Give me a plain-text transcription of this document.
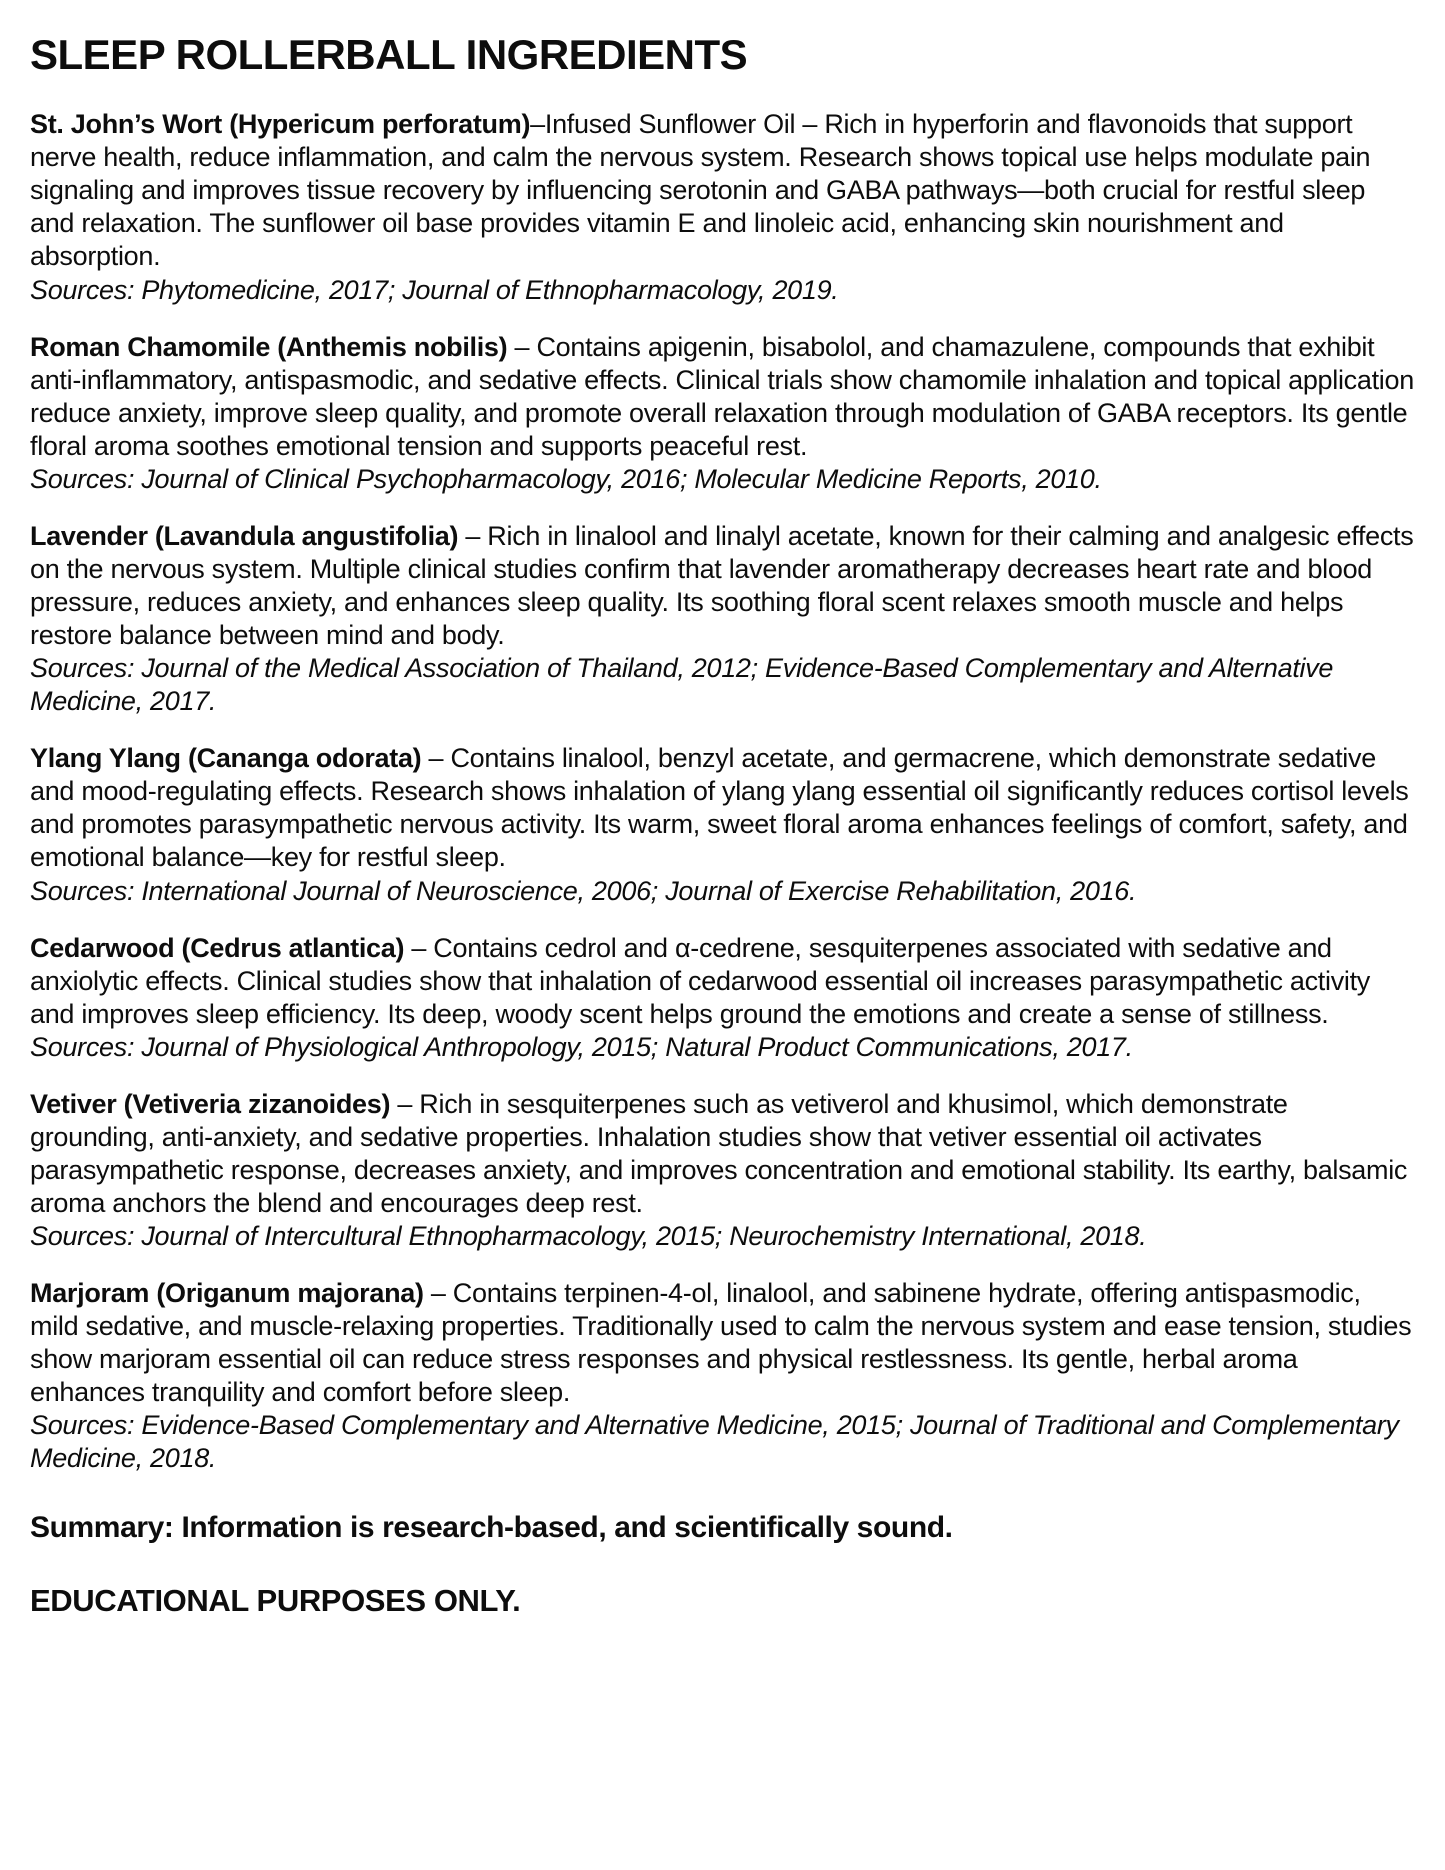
SLEEP ROLLERBALL INGREDIENTS

St. John’s Wort (Hypericum perforatum)–Infused Sunflower Oil – Rich in hyperforin and flavonoids that support nerve health, reduce inflammation, and calm the nervous system. Research shows topical use helps modulate pain signaling and improves tissue recovery by influencing serotonin and GABA pathways—both crucial for restful sleep and relaxation. The sunflower oil base provides vitamin E and linoleic acid, enhancing skin nourishment and absorption.

Sources: Phytomedicine, 2017; Journal of Ethnopharmacology, 2019.

Roman Chamomile (Anthemis nobilis) – Contains apigenin, bisabolol, and chamazulene, compounds that exhibit anti-inflammatory, antispasmodic, and sedative effects. Clinical trials show chamomile inhalation and topical application reduce anxiety, improve sleep quality, and promote overall relaxation through modulation of GABA receptors. Its gentle floral aroma soothes emotional tension and supports peaceful rest.

Sources: Journal of Clinical Psychopharmacology, 2016; Molecular Medicine Reports, 2010.

Lavender (Lavandula angustifolia) – Rich in linalool and linalyl acetate, known for their calming and analgesic effects on the nervous system. Multiple clinical studies confirm that lavender aromatherapy decreases heart rate and blood pressure, reduces anxiety, and enhances sleep quality. Its soothing floral scent relaxes smooth muscle and helps restore balance between mind and body.

Sources: Journal of the Medical Association of Thailand, 2012; Evidence-Based Complementary and Alternative Medicine, 2017.

Ylang Ylang (Cananga odorata) – Contains linalool, benzyl acetate, and germacrene, which demonstrate sedative and mood-regulating effects. Research shows inhalation of ylang ylang essential oil significantly reduces cortisol levels and promotes parasympathetic nervous activity. Its warm, sweet floral aroma enhances feelings of comfort, safety, and emotional balance—key for restful sleep.

Sources: International Journal of Neuroscience, 2006; Journal of Exercise Rehabilitation, 2016.

Cedarwood (Cedrus atlantica) – Contains cedrol and α-cedrene, sesquiterpenes associated with sedative and anxiolytic effects. Clinical studies show that inhalation of cedarwood essential oil increases parasympathetic activity and improves sleep efficiency. Its deep, woody scent helps ground the emotions and create a sense of stillness.

Sources: Journal of Physiological Anthropology, 2015; Natural Product Communications, 2017.

Vetiver (Vetiveria zizanoides) – Rich in sesquiterpenes such as vetiverol and khusimol, which demonstrate grounding, anti-anxiety, and sedative properties. Inhalation studies show that vetiver essential oil activates parasympathetic response, decreases anxiety, and improves concentration and emotional stability. Its earthy, balsamic aroma anchors the blend and encourages deep rest.

Sources: Journal of Intercultural Ethnopharmacology, 2015; Neurochemistry International, 2018.

Marjoram (Origanum majorana) – Contains terpinen-4-ol, linalool, and sabinene hydrate, offering antispasmodic, mild sedative, and muscle-relaxing properties. Traditionally used to calm the nervous system and ease tension, studies show marjoram essential oil can reduce stress responses and physical restlessness. Its gentle, herbal aroma enhances tranquility and comfort before sleep.

Sources: Evidence-Based Complementary and Alternative Medicine, 2015; Journal of Traditional and Complementary Medicine, 2018.

Summary: Information is research-based, and scientifically sound.

EDUCATIONAL PURPOSES ONLY.
